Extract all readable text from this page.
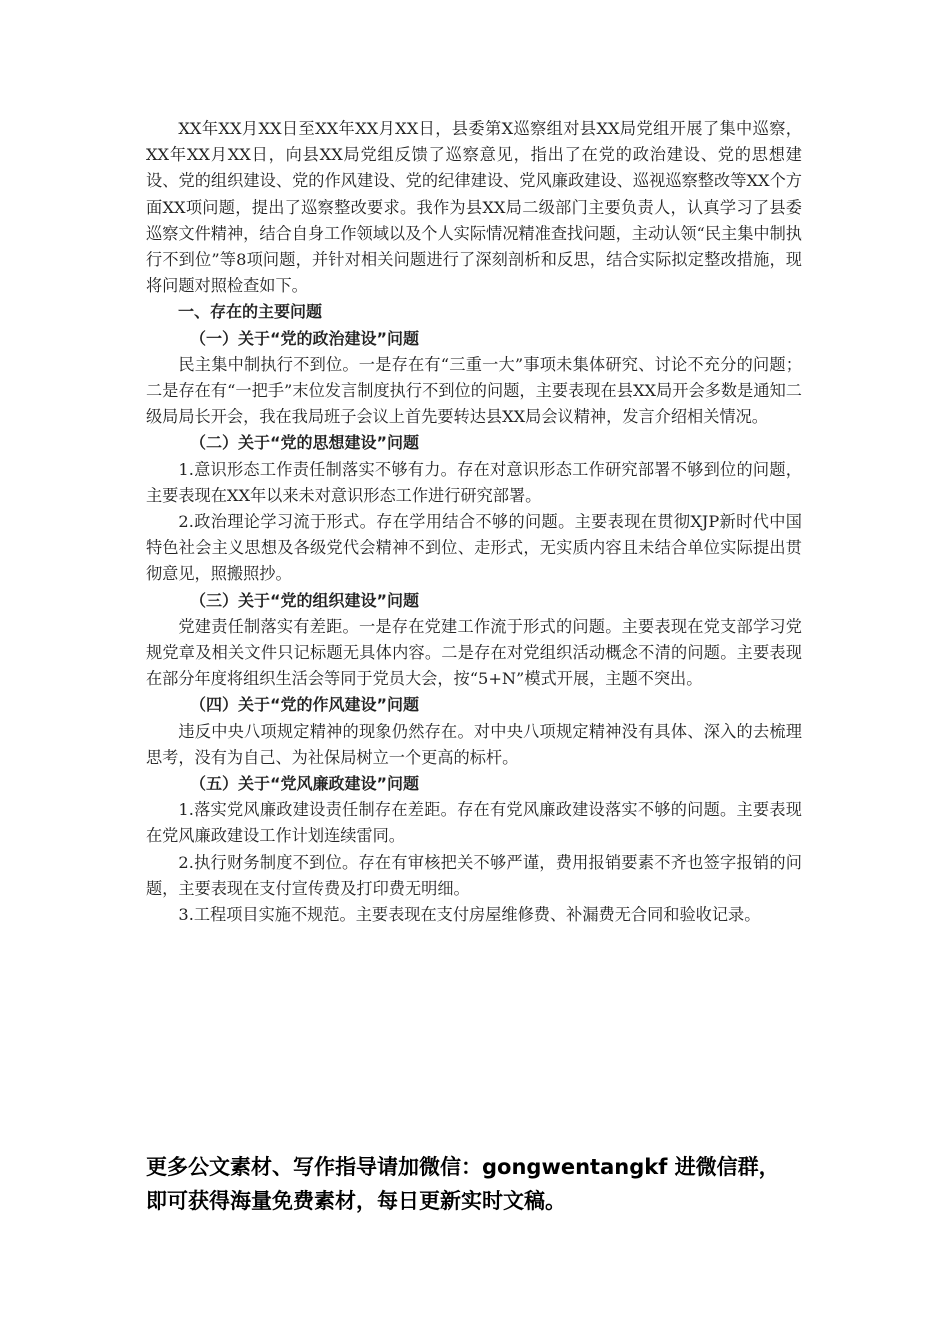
XX年XX月XX日至XX年XX月XX日，县委第X巡察组对县XX局党组开展了集中巡察，XX年XX月XX日，向县XX局党组反馈了巡察意见，指出了在党的政治建设、党的思想建设、党的组织建设、党的作风建设、党的纪律建设、党风廉政建设、巡视巡察整改等XX个方面XX项问题，提出了巡察整改要求。我作为县XX局二级部门主要负责人，认真学习了县委巡察文件精神，结合自身工作领域以及个人实际情况精准查找问题，主动认领“民主集中制执行不到位”等8项问题，并针对相关问题进行了深刻剖析和反思，结合实际拟定整改措施，现将问题对照检查如下。

一、存在的主要问题

（一）关于“党的政治建设”问题

民主集中制执行不到位。一是存在有“三重一大”事项未集体研究、讨论不充分的问题；二是存在有“一把手”末位发言制度执行不到位的问题，主要表现在县XX局开会多数是通知二级局局长开会，我在我局班子会议上首先要转达县XX局会议精神，发言介绍相关情况。

（二）关于“党的思想建设”问题

1.意识形态工作责任制落实不够有力。存在对意识形态工作研究部署不够到位的问题，主要表现在XX年以来未对意识形态工作进行研究部署。

2.政治理论学习流于形式。存在学用结合不够的问题。主要表现在贯彻XJP新时代中国特色社会主义思想及各级党代会精神不到位、走形式，无实质内容且未结合单位实际提出贯彻意见，照搬照抄。

（三）关于“党的组织建设”问题

党建责任制落实有差距。一是存在党建工作流于形式的问题。主要表现在党支部学习党规党章及相关文件只记标题无具体内容。二是存在对党组织活动概念不清的问题。主要表现在部分年度将组织生活会等同于党员大会，按“5+N”模式开展，主题不突出。

（四）关于“党的作风建设”问题

违反中央八项规定精神的现象仍然存在。对中央八项规定精神没有具体、深入的去梳理思考，没有为自己、为社保局树立一个更高的标杆。

（五）关于“党风廉政建设”问题

1.落实党风廉政建设责任制存在差距。存在有党风廉政建设落实不够的问题。主要表现在党风廉政建设工作计划连续雷同。

2.执行财务制度不到位。存在有审核把关不够严谨，费用报销要素不齐也签字报销的问题，主要表现在支付宣传费及打印费无明细。

3.工程项目实施不规范。主要表现在支付房屋维修费、补漏费无合同和验收记录。

更多公文素材、写作指导请加微信：gongwentangkf 进微信群，

即可获得海量免费素材，每日更新实时文稿。
